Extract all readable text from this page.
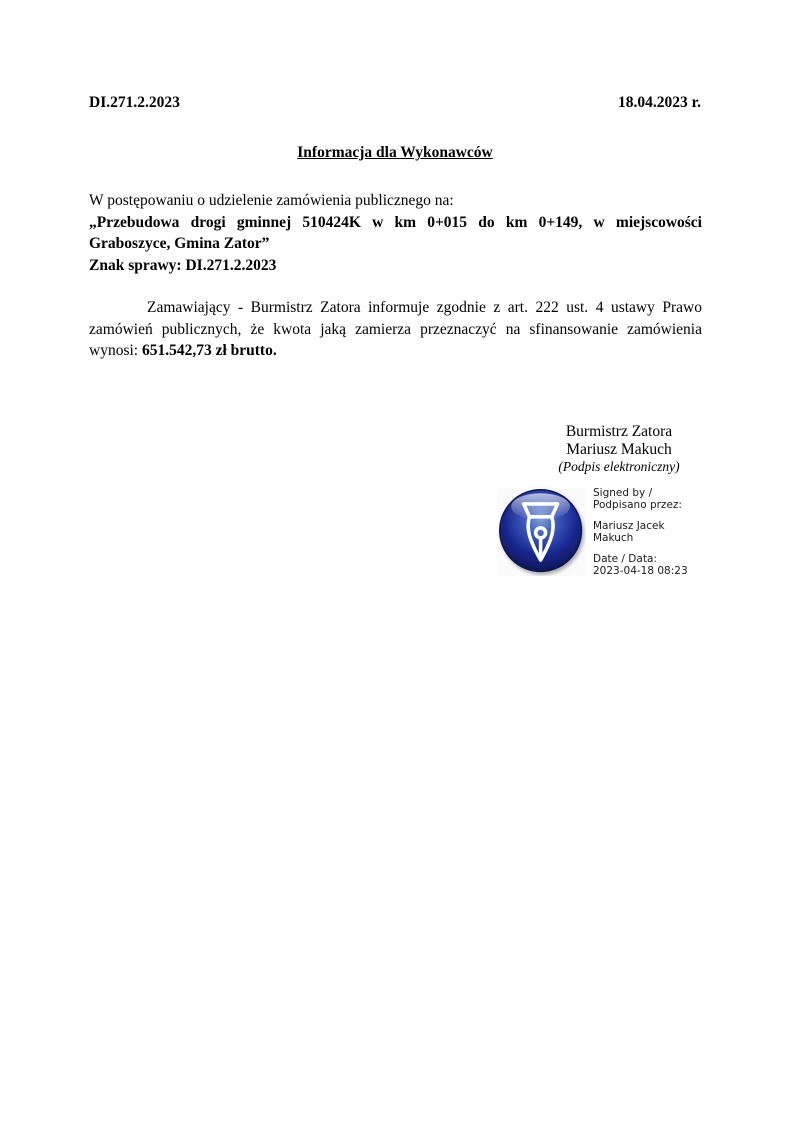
DI.271.2.2023	18.04.2023 r.
Informacja dla Wykonawców
W postępowaniu o udzielenie zamówienia publicznego na:
„Przebudowa drogi gminnej 510424K w km 0+015 do km 0+149, w miejscowości Graboszyce, Gmina Zator”
Znak sprawy: DI.271.2.2023
Zamawiający - Burmistrz Zatora informuje zgodnie z art. 222 ust. 4 ustawy Prawo zamówień publicznych, że kwota jaką zamierza przeznaczyć na sfinansowanie zamówienia wynosi: 651.542,73 zł brutto.
Burmistrz Zatora
Mariusz Makuch
(Podpis elektroniczny)
Signed by /
Podpisano przez:
Mariusz Jacek
Makuch
Date / Data:
2023-04-18 08:23
